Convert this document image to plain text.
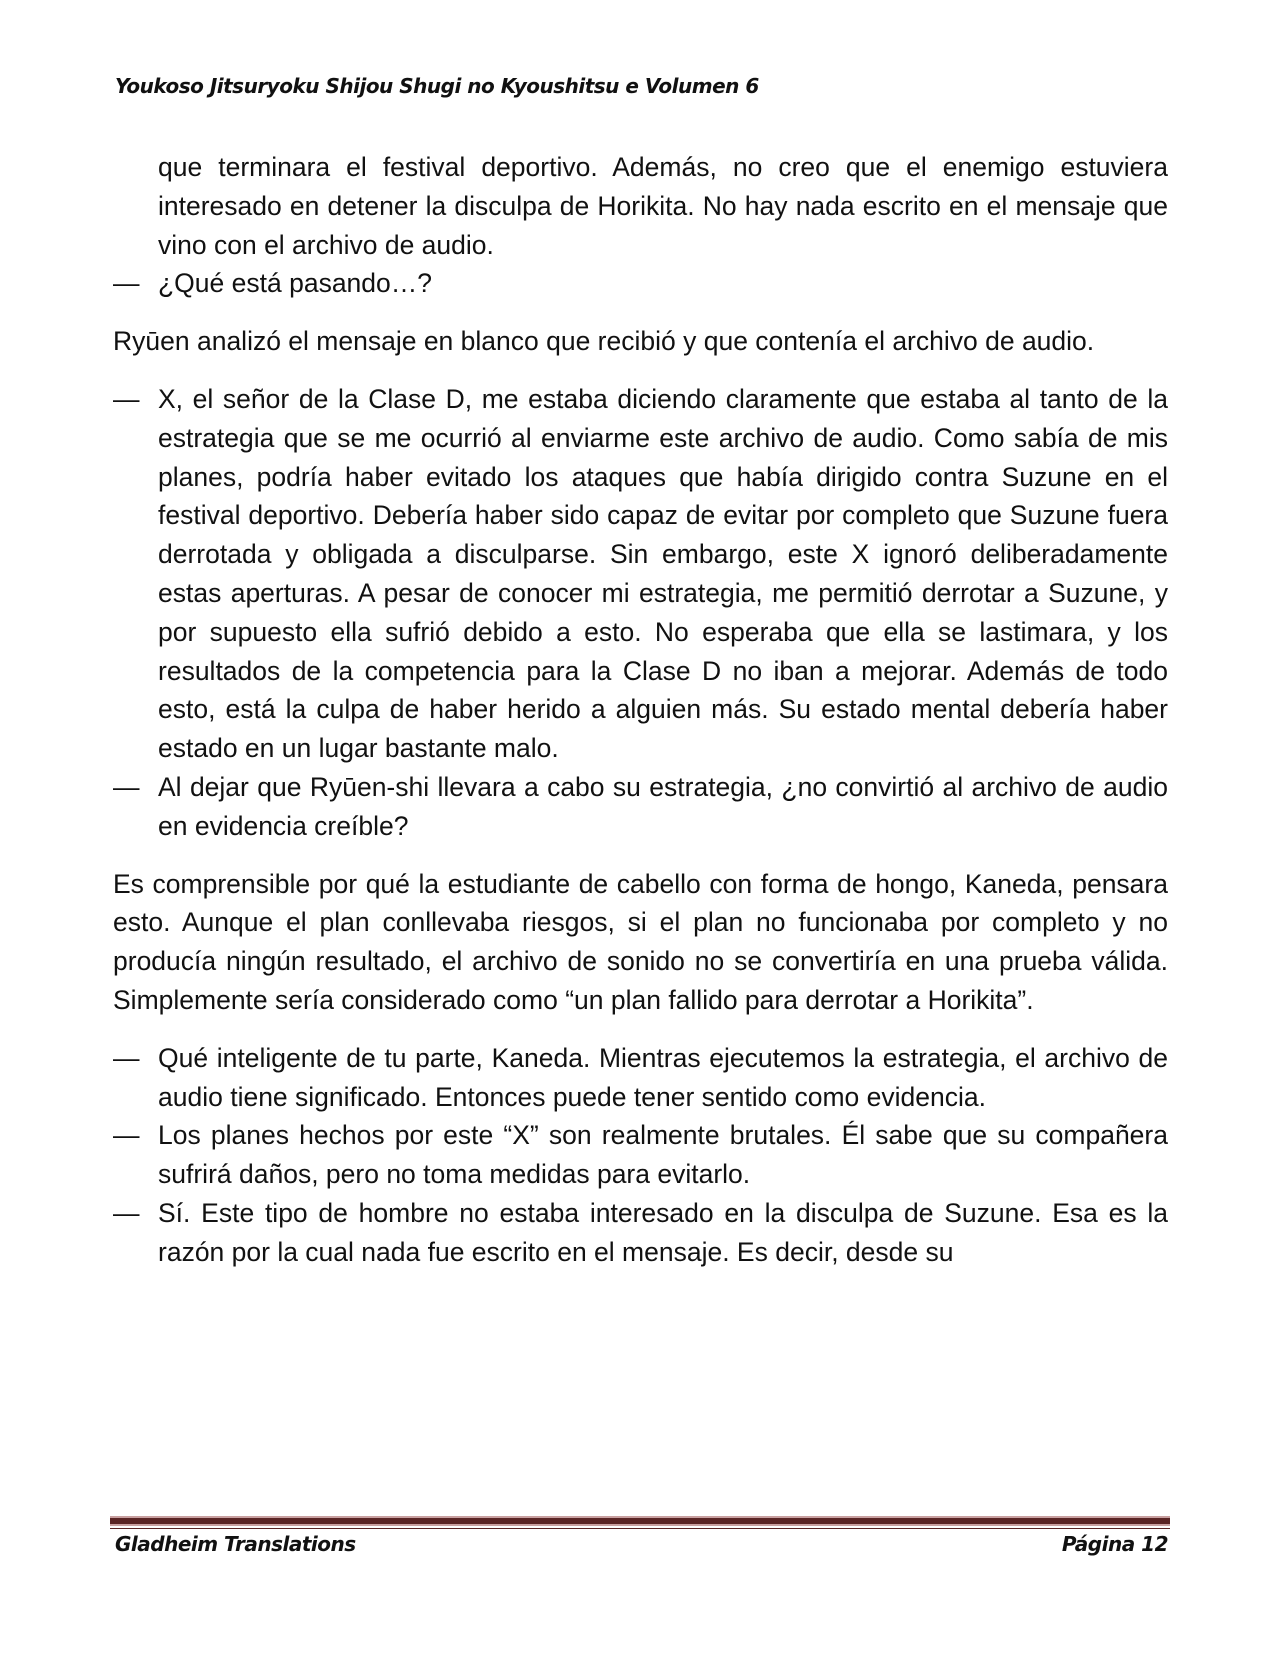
Youkoso Jitsuryoku Shijou Shugi no Kyoushitsu e Volumen 6
que terminara el festival deportivo. Además, no creo que el enemigo estuviera interesado en detener la disculpa de Horikita. No hay nada escrito en el mensaje que vino con el archivo de audio.
— ¿Qué está pasando…?
Ryūen analizó el mensaje en blanco que recibió y que contenía el archivo de audio.
— X, el señor de la Clase D, me estaba diciendo claramente que estaba al tanto de la estrategia que se me ocurrió al enviarme este archivo de audio. Como sabía de mis planes, podría haber evitado los ataques que había dirigido contra Suzune en el festival deportivo. Debería haber sido capaz de evitar por completo que Suzune fuera derrotada y obligada a disculparse. Sin embargo, este X ignoró deliberadamente estas aperturas. A pesar de conocer mi estrategia, me permitió derrotar a Suzune, y por supuesto ella sufrió debido a esto. No esperaba que ella se lastimara, y los resultados de la competencia para la Clase D no iban a mejorar. Además de todo esto, está la culpa de haber herido a alguien más. Su estado mental debería haber estado en un lugar bastante malo.
— Al dejar que Ryūen-shi llevara a cabo su estrategia, ¿no convirtió al archivo de audio en evidencia creíble?
Es comprensible por qué la estudiante de cabello con forma de hongo, Kaneda, pensara esto. Aunque el plan conllevaba riesgos, si el plan no funcionaba por completo y no producía ningún resultado, el archivo de sonido no se convertiría en una prueba válida. Simplemente sería considerado como “un plan fallido para derrotar a Horikita”.
— Qué inteligente de tu parte, Kaneda. Mientras ejecutemos la estrategia, el archivo de audio tiene significado. Entonces puede tener sentido como evidencia.
— Los planes hechos por este “X” son realmente brutales. Él sabe que su compañera sufrirá daños, pero no toma medidas para evitarlo.
— Sí. Este tipo de hombre no estaba interesado en la disculpa de Suzune. Esa es la razón por la cual nada fue escrito en el mensaje. Es decir, desde su
Gladheim Translations	Página 12
